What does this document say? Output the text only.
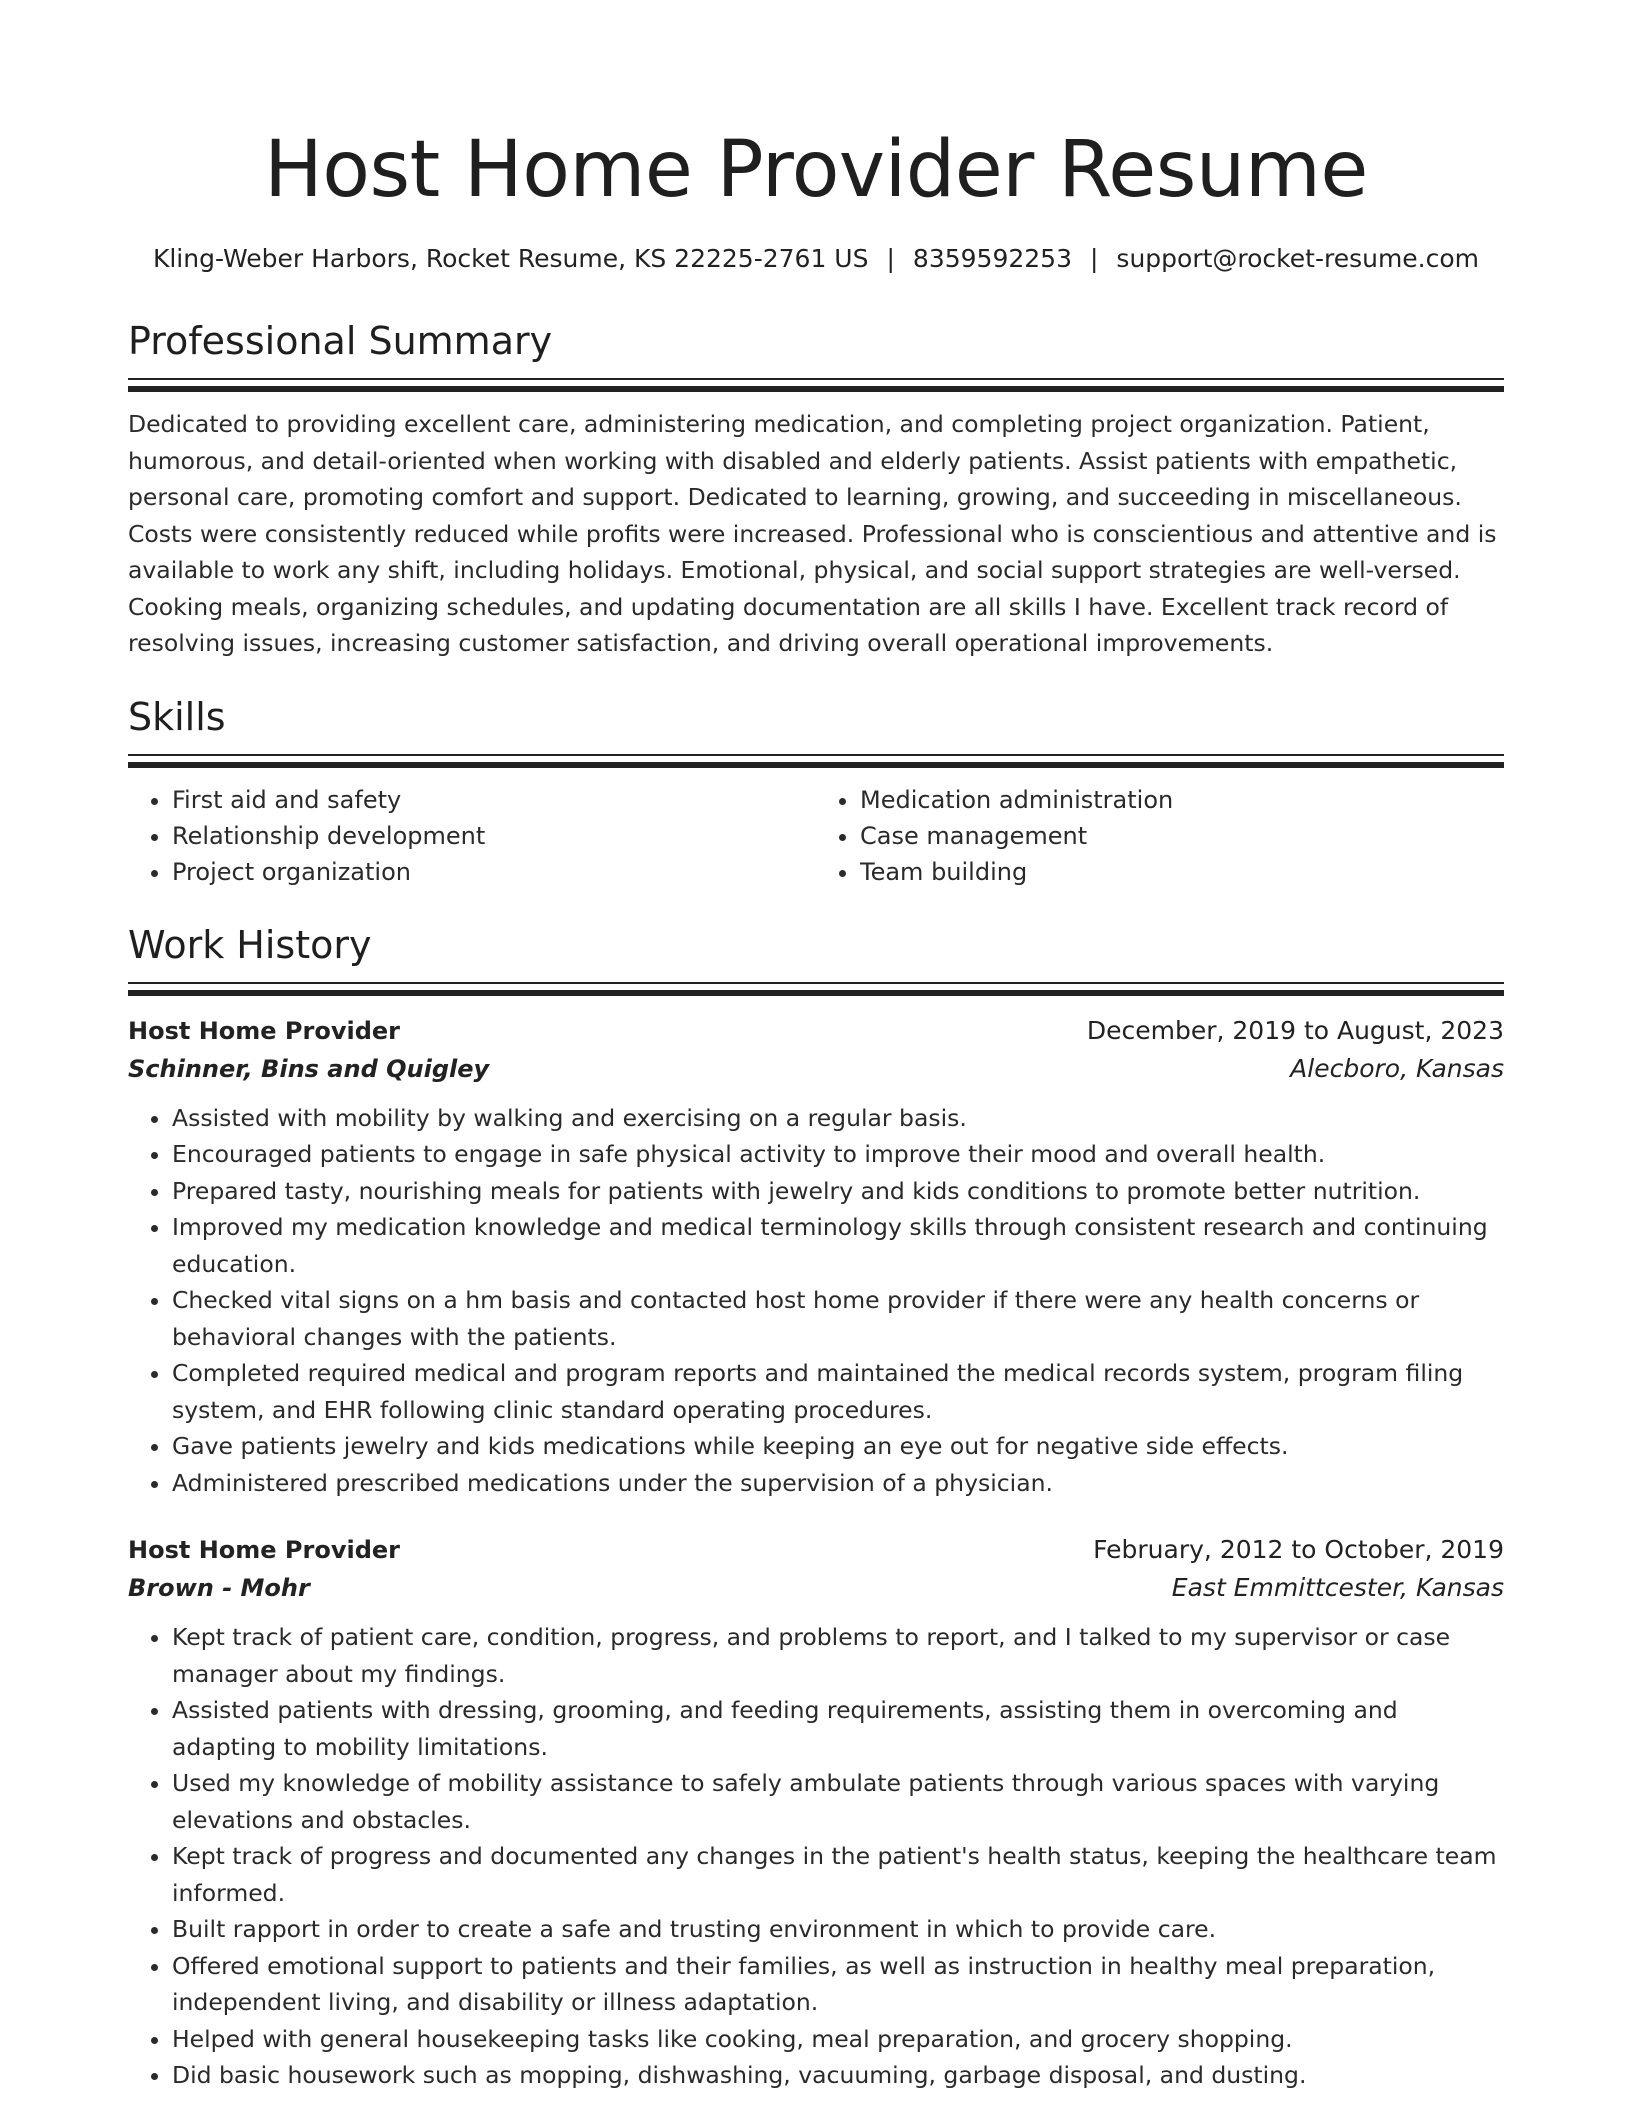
Host Home Provider Resume
Kling-Weber Harbors, Rocket Resume, KS 22225-2761 US | 8359592253 | support@rocket-resume.com
Professional Summary
Dedicated to providing excellent care, administering medication, and completing project organization. Patient, humorous, and detail-oriented when working with disabled and elderly patients. Assist patients with empathetic, personal care, promoting comfort and support. Dedicated to learning, growing, and succeeding in miscellaneous. Costs were consistently reduced while profits were increased. Professional who is conscientious and attentive and is available to work any shift, including holidays. Emotional, physical, and social support strategies are well-versed. Cooking meals, organizing schedules, and updating documentation are all skills I have. Excellent track record of resolving issues, increasing customer satisfaction, and driving overall operational improvements.
Skills
• First aid and safety
• Relationship development
• Project organization
• Medication administration
• Case management
• Team building
Work History
Host Home Provider	December, 2019 to August, 2023
Schinner, Bins and Quigley	Alecboro, Kansas
• Assisted with mobility by walking and exercising on a regular basis.
• Encouraged patients to engage in safe physical activity to improve their mood and overall health.
• Prepared tasty, nourishing meals for patients with jewelry and kids conditions to promote better nutrition.
• Improved my medication knowledge and medical terminology skills through consistent research and continuing education.
• Checked vital signs on a hm basis and contacted host home provider if there were any health concerns or behavioral changes with the patients.
• Completed required medical and program reports and maintained the medical records system, program filing system, and EHR following clinic standard operating procedures.
• Gave patients jewelry and kids medications while keeping an eye out for negative side effects.
• Administered prescribed medications under the supervision of a physician.
Host Home Provider	February, 2012 to October, 2019
Brown - Mohr	East Emmittcester, Kansas
• Kept track of patient care, condition, progress, and problems to report, and I talked to my supervisor or case manager about my findings.
• Assisted patients with dressing, grooming, and feeding requirements, assisting them in overcoming and adapting to mobility limitations.
• Used my knowledge of mobility assistance to safely ambulate patients through various spaces with varying elevations and obstacles.
• Kept track of progress and documented any changes in the patient's health status, keeping the healthcare team informed.
• Built rapport in order to create a safe and trusting environment in which to provide care.
• Offered emotional support to patients and their families, as well as instruction in healthy meal preparation, independent living, and disability or illness adaptation.
• Helped with general housekeeping tasks like cooking, meal preparation, and grocery shopping.
• Did basic housework such as mopping, dishwashing, vacuuming, garbage disposal, and dusting.
